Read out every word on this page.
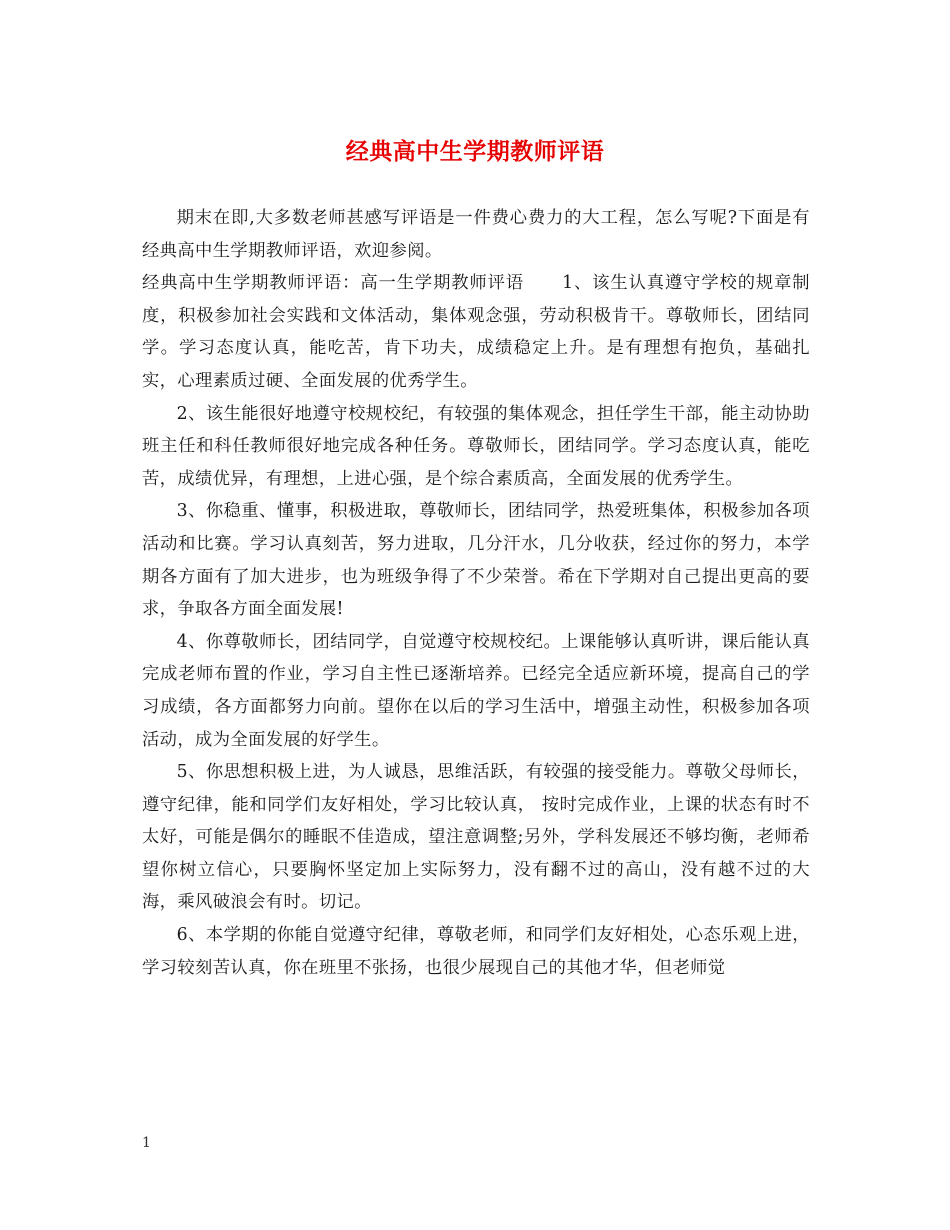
经典高中生学期教师评语

期末在即,大多数老师甚感写评语是一件费心费力的大工程，怎么写呢?下面是有经典高中生学期教师评语，欢迎参阅。

经典高中生学期教师评语：高一生学期教师评语 1、该生认真遵守学校的规章制度，积极参加社会实践和文体活动，集体观念强，劳动积极肯干。尊敬师长，团结同学。学习态度认真，能吃苦，肯下功夫，成绩稳定上升。是有理想有抱负，基础扎实，心理素质过硬、全面发展的优秀学生。

2、该生能很好地遵守校规校纪，有较强的集体观念，担任学生干部，能主动协助班主任和科任教师很好地完成各种任务。尊敬师长，团结同学。学习态度认真，能吃苦，成绩优异，有理想，上进心强，是个综合素质高，全面发展的优秀学生。

3、你稳重、懂事，积极进取，尊敬师长，团结同学，热爱班集体，积极参加各项活动和比赛。学习认真刻苦，努力进取，几分汗水，几分收获，经过你的努力，本学期各方面有了加大进步，也为班级争得了不少荣誉。希在下学期对自己提出更高的要求，争取各方面全面发展!

4、你尊敬师长，团结同学，自觉遵守校规校纪。上课能够认真听讲，课后能认真完成老师布置的作业，学习自主性已逐渐培养。已经完全适应新环境，提高自己的学习成绩，各方面都努力向前。望你在以后的学习生活中，增强主动性，积极参加各项活动，成为全面发展的好学生。

5、你思想积极上进，为人诚恳，思维活跃，有较强的接受能力。尊敬父母师长，遵守纪律，能和同学们友好相处，学习比较认真， 按时完成作业，上课的状态有时不太好，可能是偶尔的睡眠不佳造成，望注意调整;另外，学科发展还不够均衡，老师希望你树立信心，只要胸怀坚定加上实际努力，没有翻不过的高山，没有越不过的大海，乘风破浪会有时。切记。

6、本学期的你能自觉遵守纪律，尊敬老师，和同学们友好相处，心态乐观上进，学习较刻苦认真，你在班里不张扬，也很少展现自己的其他才华，但老师觉

1
